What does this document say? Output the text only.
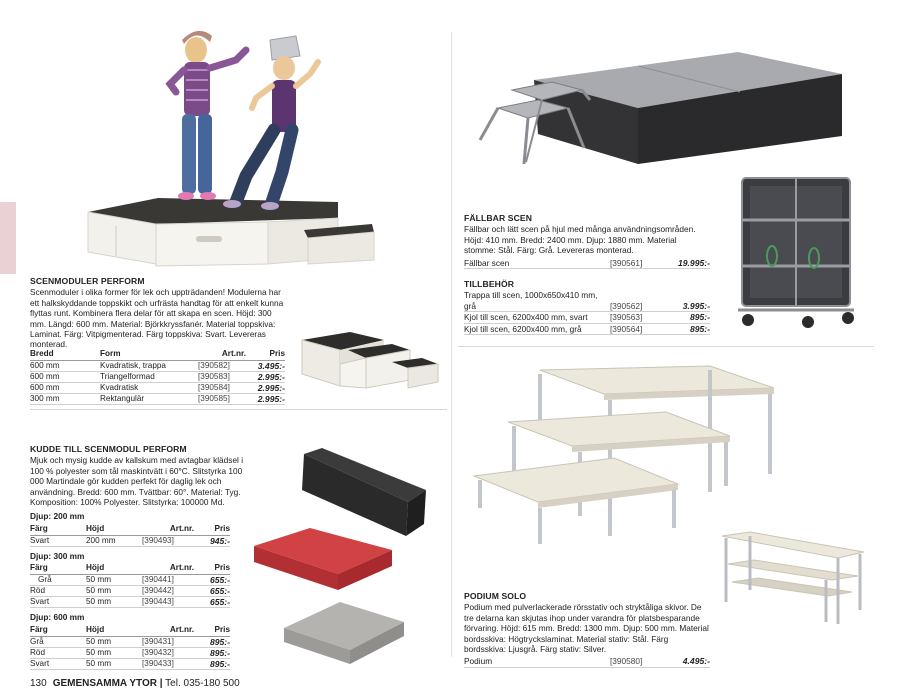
SCENMODULER PERFORM

Scenmoduler i olika former för lek och uppträdanden! Modulerna har ett halkskyddande toppskikt och urfrästa handtag för att enkelt kunna flyttas runt. Kombinera flera delar för att skapa en scen. Höjd: 300 mm. Längd: 600 mm. Material: Björkkryssfanér. Material toppskiva: Laminat. Färg: Vitpigmenterad. Färg toppskiva: Svart. Levereras monterad.

Bredd	Form	Art.nr.	Pris
600 mm	Kvadratisk, trappa	[390582]	3.495:-
600 mm	Triangelformad	[390583]	2.995:-
600 mm	Kvadratisk	[390584]	2.995:-
300 mm	Rektangulär	[390585]	2.995:-
KUDDE TILL SCENMODUL PERFORM

Mjuk och mysig kudde av kallskum med avtagbar klädsel i 100 % polyester som tål maskintvätt i 60°C. Slitstyrka 100 000 Martindale gör kudden perfekt för daglig lek och användning. Bredd: 600 mm. Tvättbar: 60°. Material: Tyg. Komposition: 100% Polyester. Slitstyrka: 100000 Md.

Djup: 200 mm
Färg	Höjd	Art.nr.	Pris
Svart	200 mm	[390493]	945:-
Djup: 300 mm
Färg	Höjd	Art.nr.	Pris
Grå	50 mm	[390441]	655:-
Röd	50 mm	[390442]	655:-
Svart	50 mm	[390443]	655:-
Djup: 600 mm
Färg	Höjd	Art.nr.	Pris
Grå	50 mm	[390431]	895:-
Röd	50 mm	[390432]	895:-
Svart	50 mm	[390433]	895:-
FÄLLBAR SCEN

Fällbar och lätt scen på hjul med många användningsområden. Höjd: 410 mm. Bredd: 2400 mm. Djup: 1880 mm. Material stomme: Stål. Färg: Grå. Levereras monterad.

Fällbar scen	[390561]	19.995:-
TILLBEHÖR
Trappa till scen, 1000x650x410 mm,
grå	[390562]	3.995:-
Kjol till scen, 6200x400 mm, svart	[390563]	895:-
Kjol till scen, 6200x400 mm, grå	[390564]	895:-
PODIUM SOLO

Podium med pulverlackerade rörsstativ och stryktåliga skivor. De tre delarna kan skjutas ihop under varandra för platsbesparande förvaring. Höjd: 615 mm. Bredd: 1300 mm. Djup: 500 mm. Material bordsskiva: Högtryckslaminat. Material stativ: Stål. Färg bordsskiva: Ljusgrå. Färg stativ: Silver.

Podium	[390580]	4.495:-
130 GEMENSAMMA YTOR | Tel. 035-180 500
